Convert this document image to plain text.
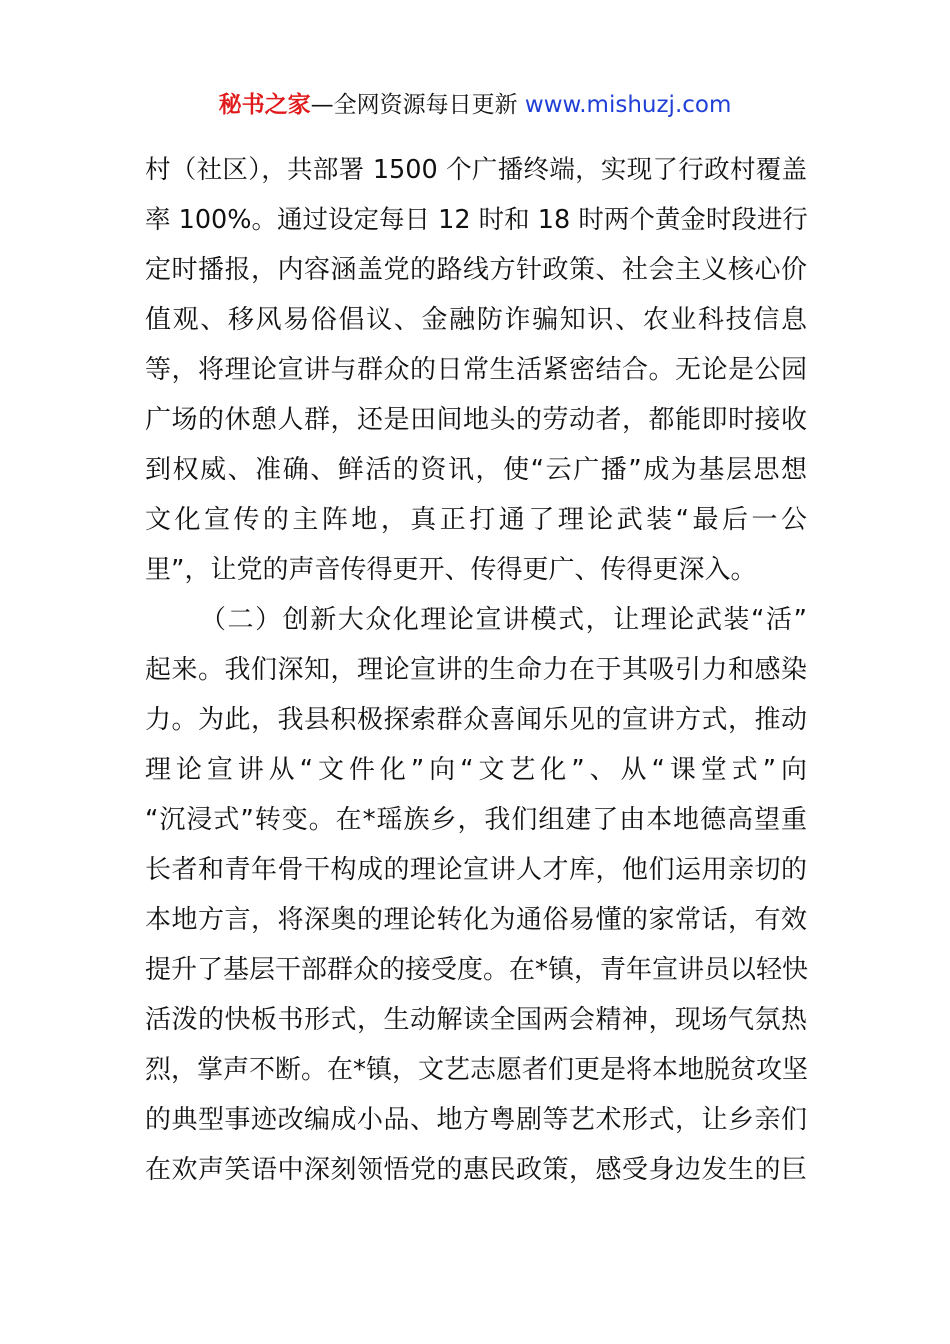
秘书之家—全网资源每日更新 www.mishuzj.com
村（社区），共部署 1500 个广播终端，实现了行政村覆盖
率 100%。通过设定每日 12 时和 18 时两个黄金时段进行
定时播报，内容涵盖党的路线方针政策、社会主义核心价
值观、移风易俗倡议、金融防诈骗知识、农业科技信息
等，将理论宣讲与群众的日常生活紧密结合。无论是公园
广场的休憩人群，还是田间地头的劳动者，都能即时接收
到权威、准确、鲜活的资讯，使“云广播”成为基层思想
文化宣传的主阵地，真正打通了理论武装“最后一公
里”，让党的声音传得更开、传得更广、传得更深入。
（二）创新大众化理论宣讲模式，让理论武装“活”
起来。我们深知，理论宣讲的生命力在于其吸引力和感染
力。为此，我县积极探索群众喜闻乐见的宣讲方式，推动
理论宣讲从“文件化”向“文艺化”、从“课堂式”向
“沉浸式”转变。在*瑶族乡，我们组建了由本地德高望重
长者和青年骨干构成的理论宣讲人才库，他们运用亲切的
本地方言，将深奥的理论转化为通俗易懂的家常话，有效
提升了基层干部群众的接受度。在*镇，青年宣讲员以轻快
活泼的快板书形式，生动解读全国两会精神，现场气氛热
烈，掌声不断。在*镇，文艺志愿者们更是将本地脱贫攻坚
的典型事迹改编成小品、地方粤剧等艺术形式，让乡亲们
在欢声笑语中深刻领悟党的惠民政策，感受身边发生的巨
